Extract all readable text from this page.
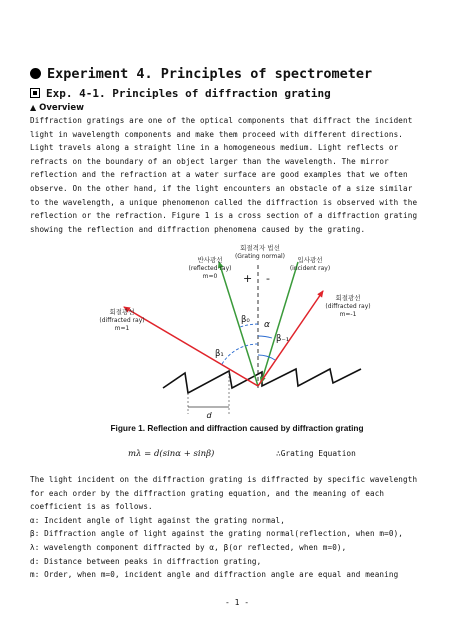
Experiment 4. Principles of spectrometer
Exp. 4-1. Principles of diffraction grating
▲ Overview
Diffraction gratings are one of the optical components that diffract the incident
light in wavelength components and make them proceed with different directions.
Light travels along a straight line in a homogeneous medium. Light reflects or
refracts on the boundary of an object larger than the wavelength. The mirror
reflection and the refraction at a water surface are good examples that we often
observe. On the other hand, if the light encounters an obstacle of a size similar
to the wavelength, a unique phenomenon called the diffraction is observed with the
reflection or the refraction. Figure 1 is a cross section of a diffraction grating
showing the reflection and diffraction phenomena caused by the grating.
α
β₀
β₋₁
β₁
+ -
회절격자 법선
(Grating normal)
반사광선
(reflected ray)
m=0
입사광선
(incident ray)
회절광선
(diffracted ray)
m=1
회절광선
(diffracted ray)
m=-1
d
Figure 1. Reflection and diffraction caused by diffraction grating
mλ = d(sinα + sinβ)	∴Grating Equation
The light incident on the diffraction grating is diffracted by specific wavelength
for each order by the diffraction grating equation, and the meaning of each
coefficient is as follows.
α: Incident angle of light against the grating normal,
β: Diffraction angle of light against the grating normal(reflection, when m=0),
λ: wavelength component diffracted by α, β(or reflected, when m=0),
d: Distance between peaks in diffraction grating,
m: Order, when m=0, incident angle and diffraction angle are equal and meaning
- 1 -
